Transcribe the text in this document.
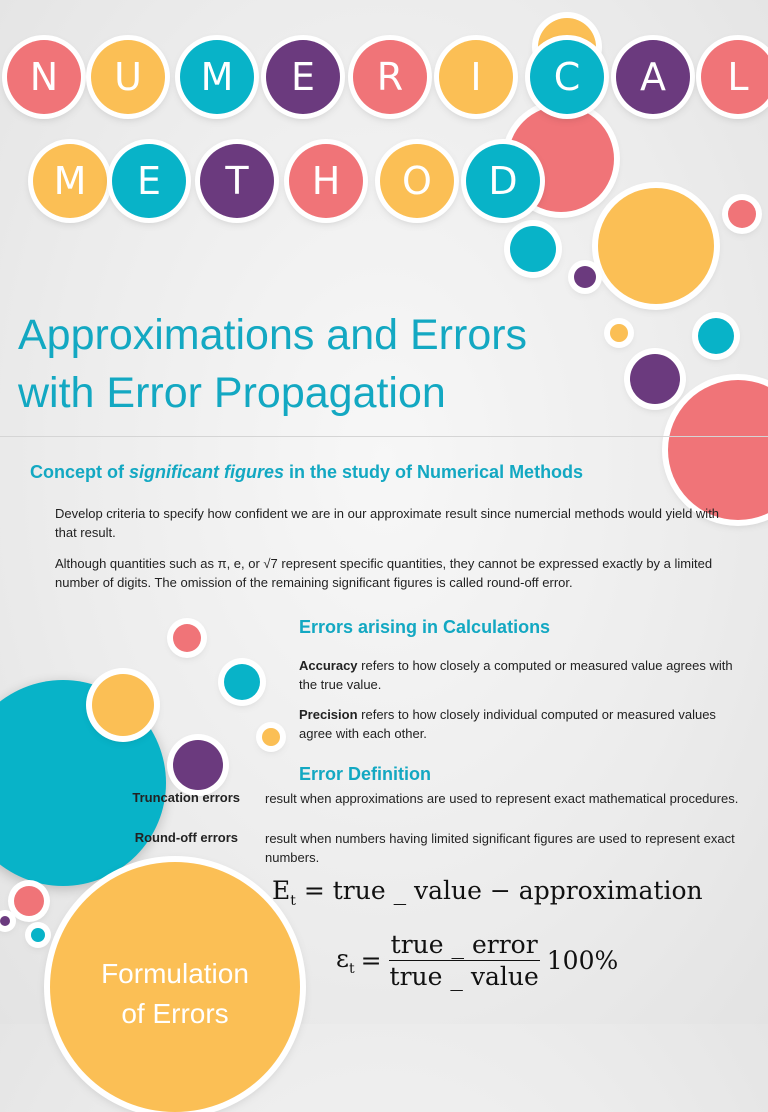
N	U	M	E	R	I	C	A	L
M	E	T	H	O	D
Approximations and Errors
with Error Propagation
Concept of significant figures in the study of Numerical Methods
Develop criteria to specify how confident we are in our approximate result since numercial methods would yield with that result.
Although quantities such as π, e, or √7 represent specific quantities, they cannot be expressed exactly by a limited number of digits. The omission of the remaining significant figures is called round-off error.
Errors arising in Calculations
Accuracy refers to how closely a computed or measured value agrees with the true value.
Precision refers to how closely individual computed or measured values agree with each other.
Error Definition
Truncation errors result when approximations are used to represent exact mathematical procedures.
Round-off errors result when numbers having limited significant figures are used to represent exact numbers.
Formulation
of Errors
$E_t$ = true _ value − approximation
$\varepsilon_t = \frac{\text{true \_ error}}{\text{true \_ value}} 100\%$
